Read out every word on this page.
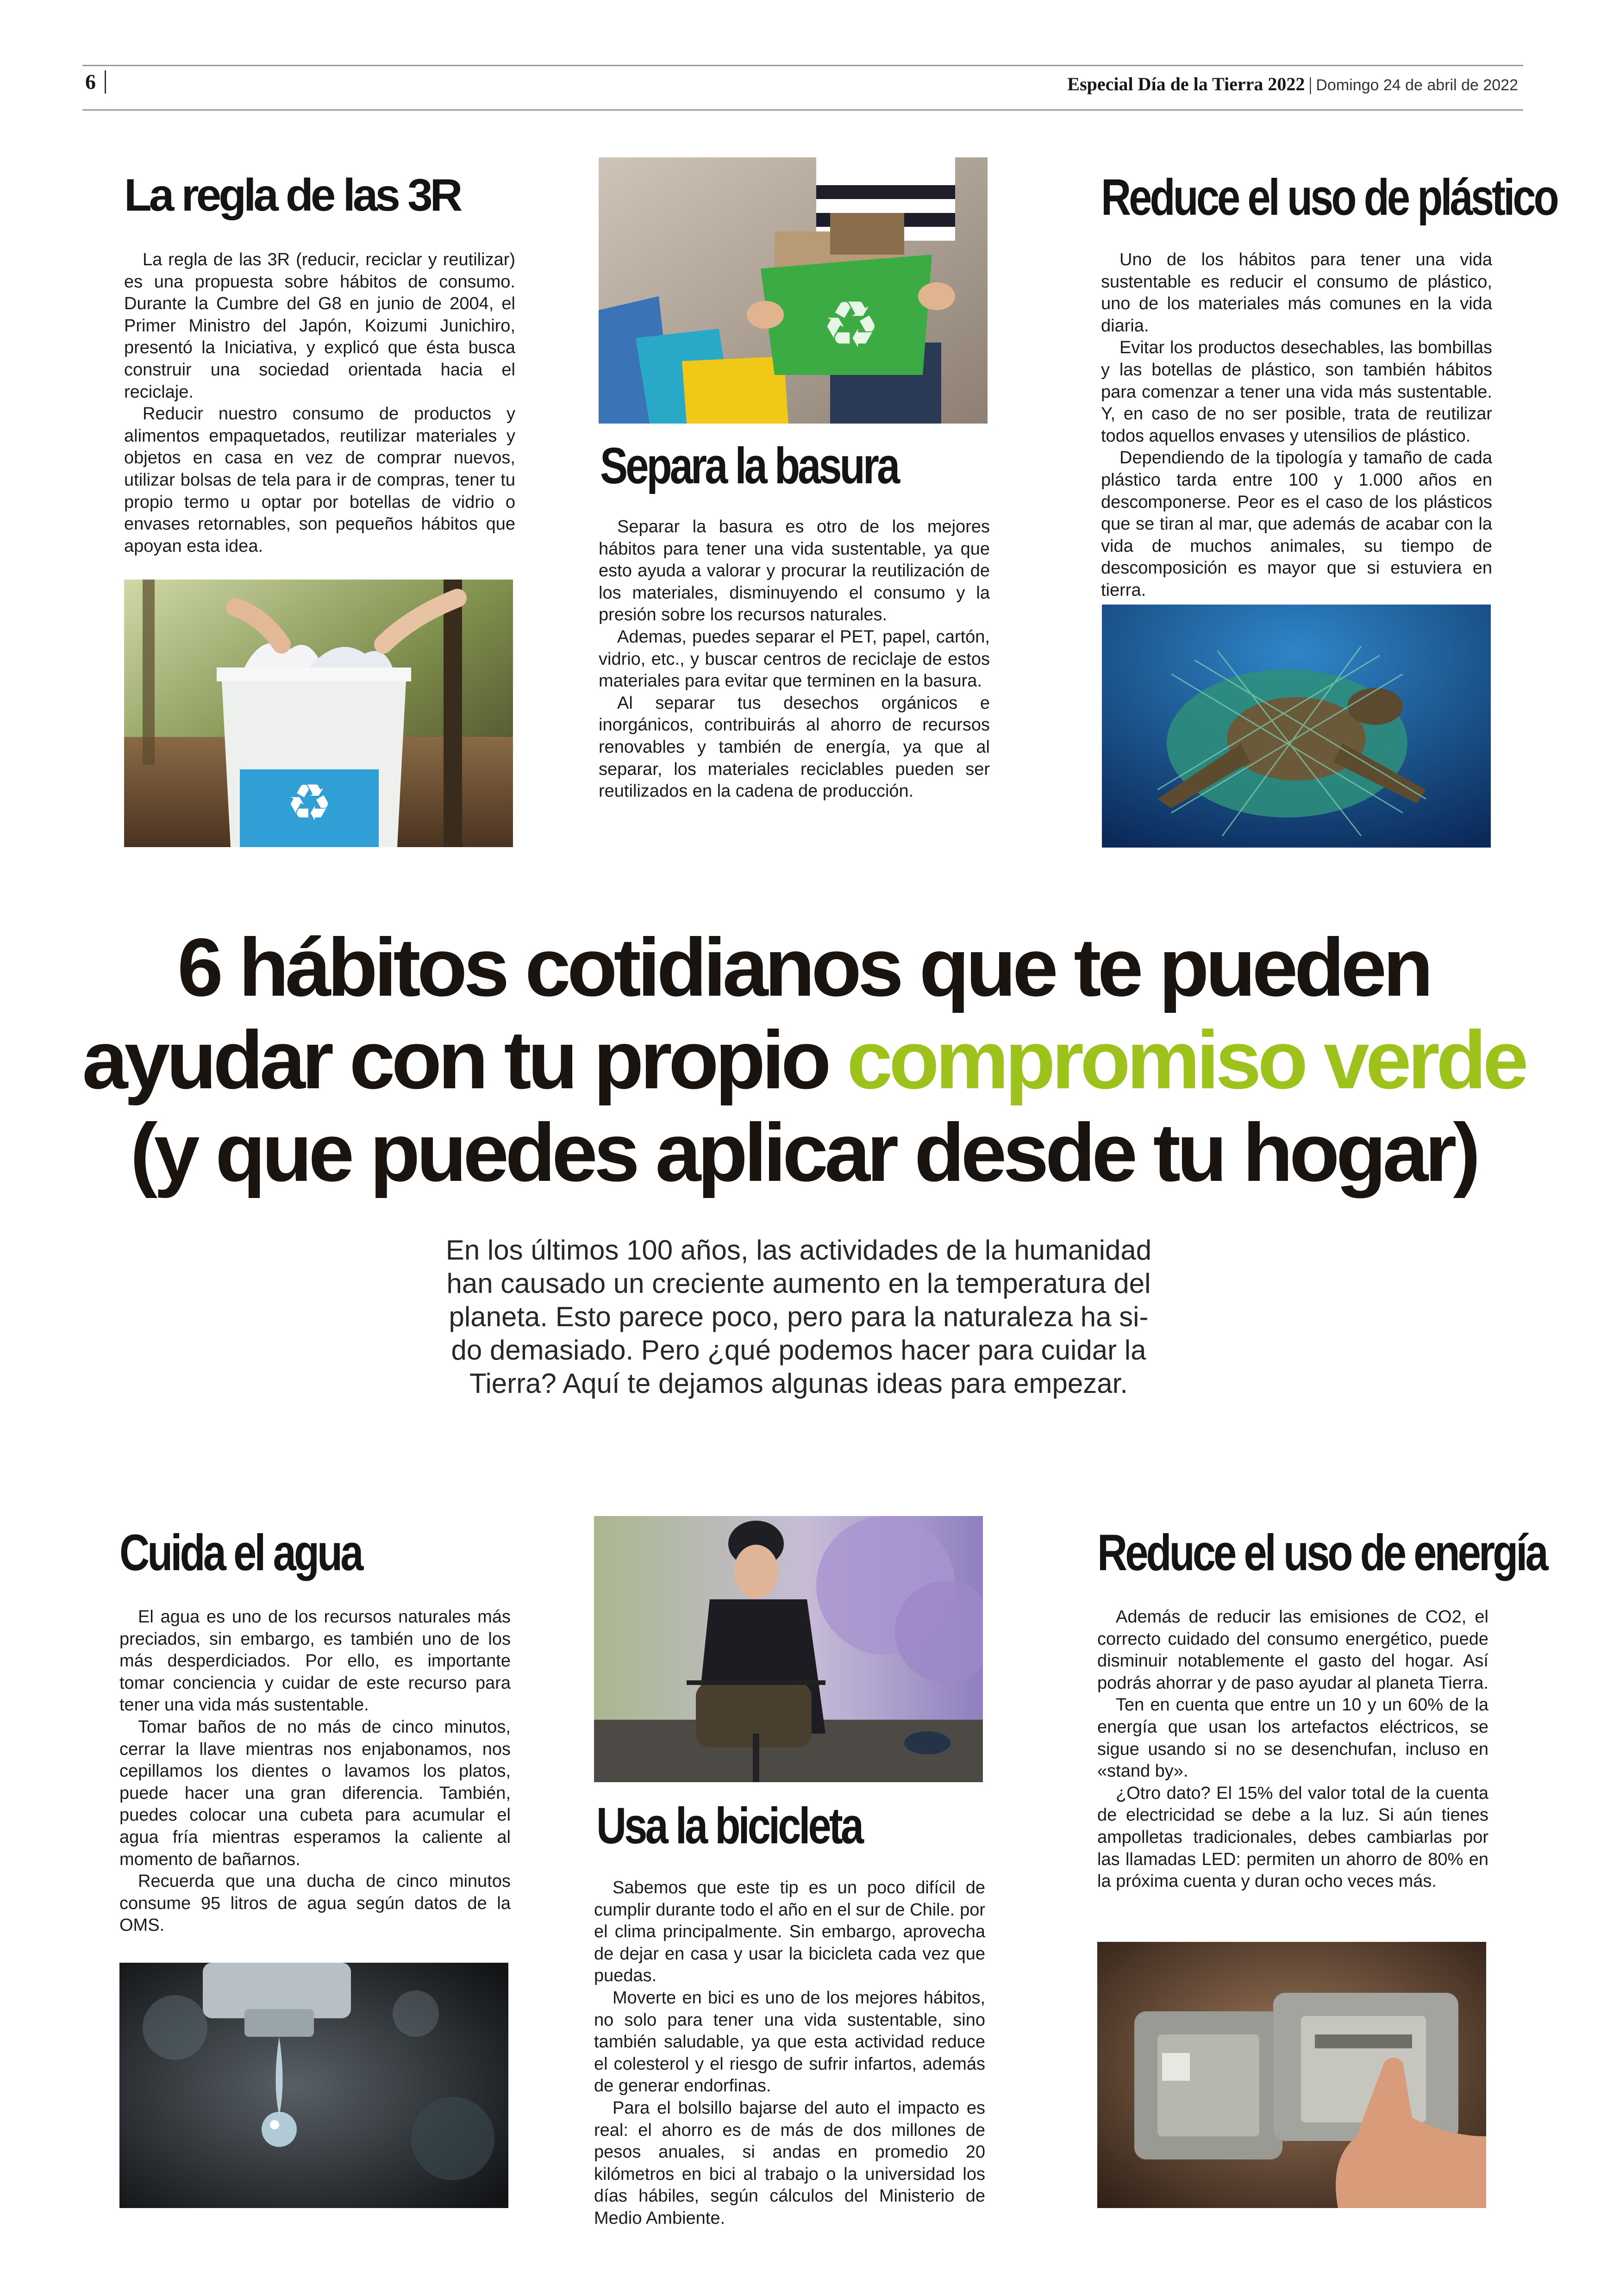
6	Especial Día de la Tierra 2022 | Domingo 24 de abril de 2022
La regla de las 3R

La regla de las 3R (reducir, reciclar y reutilizar) es una propuesta sobre hábitos de consumo. Durante la Cumbre del G8 en junio de 2004, el Primer Ministro del Japón, Koizumi Junichiro, presentó la Iniciativa, y explicó que ésta busca construir una sociedad orientada hacia el reciclaje.

Reducir nuestro consumo de productos y alimentos empaquetados, reutilizar materiales y objetos en casa en vez de comprar nuevos, utilizar bolsas de tela para ir de compras, tener tu propio termo u optar por botellas de vidrio o envases retornables, son pequeños hábitos que apoyan esta idea.

♻
♻
Separa la basura

Separar la basura es otro de los mejores hábitos para tener una vida sustentable, ya que esto ayuda a valorar y procurar la reutilización de los materiales, disminuyendo el consumo y la presión sobre los recursos naturales.

Ademas, puedes separar el PET, papel, cartón, vidrio, etc., y buscar centros de reciclaje de estos materiales para evitar que terminen en la basura.

Al separar tus desechos orgánicos e inorgánicos, contribuirás al ahorro de recursos renovables y también de energía, ya que al separar, los materiales reciclables pueden ser reutilizados en la cadena de producción.

Reduce el uso de plástico

Uno de los hábitos para tener una vida sustentable es reducir el consumo de plástico, uno de los materiales más comunes en la vida diaria.

Evitar los productos desechables, las bombillas y las botellas de plástico, son también hábitos para comenzar a tener una vida más sustentable. Y, en caso de no ser posible, trata de reutilizar todos aquellos envases y utensilios de plástico.

Dependiendo de la tipología y tamaño de cada plástico tarda entre 100 y 1.000 años en descomponerse. Peor es el caso de los plásticos que se tiran al mar, que además de acabar con la vida de muchos animales, su tiempo de descomposición es mayor que si estuviera en tierra.

6 hábitos cotidianos que te pueden
ayudar con tu propio compromiso verde
(y que puedes aplicar desde tu hogar)
En los últimos 100 años, las actividades de la humanidad
han causado un creciente aumento en la temperatura del
planeta. Esto parece poco, pero para la naturaleza ha si-
do demasiado. Pero ¿qué podemos hacer para cuidar la
Tierra? Aquí te dejamos algunas ideas para empezar.
Cuida el agua

El agua es uno de los recursos naturales más preciados, sin embargo, es también uno de los más desperdiciados. Por ello, es importante tomar conciencia y cuidar de este recurso para tener una vida más sustentable.

Tomar baños de no más de cinco minutos, cerrar la llave mientras nos enjabonamos, nos cepillamos los dientes o lavamos los platos, puede hacer una gran diferencia. También, puedes colocar una cubeta para acumular el agua fría mientras esperamos la caliente al momento de bañarnos.

Recuerda que una ducha de cinco minutos consume 95 litros de agua según datos de la OMS.

Usa la bicicleta

Sabemos que este tip es un poco difícil de cumplir durante todo el año en el sur de Chile. por el clima principalmente. Sin embargo, aprovecha de dejar en casa y usar la bicicleta cada vez que puedas.

Moverte en bici es uno de los mejores hábitos, no solo para tener una vida sustentable, sino también saludable, ya que esta actividad reduce el colesterol y el riesgo de sufrir infartos, además de generar endorfinas.

Para el bolsillo bajarse del auto el impacto es real: el ahorro es de más de dos millones de pesos anuales, si andas en promedio 20 kilómetros en bici al trabajo o la universidad los días hábiles, según cálculos del Ministerio de Medio Ambiente.

Reduce el uso de energía

Además de reducir las emisiones de CO2, el correcto cuidado del consumo energético, puede disminuir notablemente el gasto del hogar. Así podrás ahorrar y de paso ayudar al planeta Tierra.

Ten en cuenta que entre un 10 y un 60% de la energía que usan los artefactos eléctricos, se sigue usando si no se desenchufan, incluso en «stand by».

¿Otro dato? El 15% del valor total de la cuenta de electricidad se debe a la luz. Si aún tienes ampolletas tradicionales, debes cambiarlas por las llamadas LED: permiten un ahorro de 80% en la próxima cuenta y duran ocho veces más.
